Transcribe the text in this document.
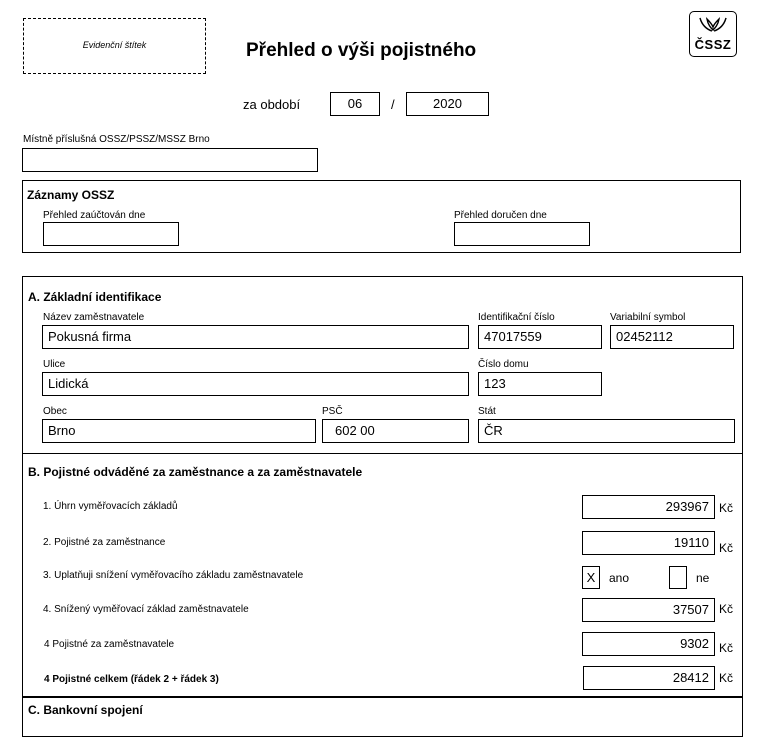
Evidenční štítek	Přehled o výši pojistného	ČSSZ
za období	06	/	2020
Místně příslušná OSSZ/PSSZ/MSSZ Brno
Záznamy OSSZ
Přehled zaúčtován dne	Přehled doručen dne
A. Základní identifikace
Název zaměstnavatele
Pokusná firma
Identifikační číslo
47017559
Variabilní symbol
02452112
Ulice
Lidická
Číslo domu
123
Obec
Brno
PSČ
602 00
Stát
ČR
B. Pojistné odváděné za zaměstnance a za zaměstnavatele
1. Úhrn vyměřovacích základů	293967 Kč
2. Pojistné za zaměstnance	19110 Kč
3. Uplatňuji snížení vyměřovacího základu zaměstnavatele	X	ano	ne
4. Snížený vyměřovací základ zaměstnavatele	37507 Kč
4 Pojistné za zaměstnavatele	9302 Kč
4 Pojistné celkem (řádek 2 + řádek 3)	28412 Kč
C. Bankovní spojení
